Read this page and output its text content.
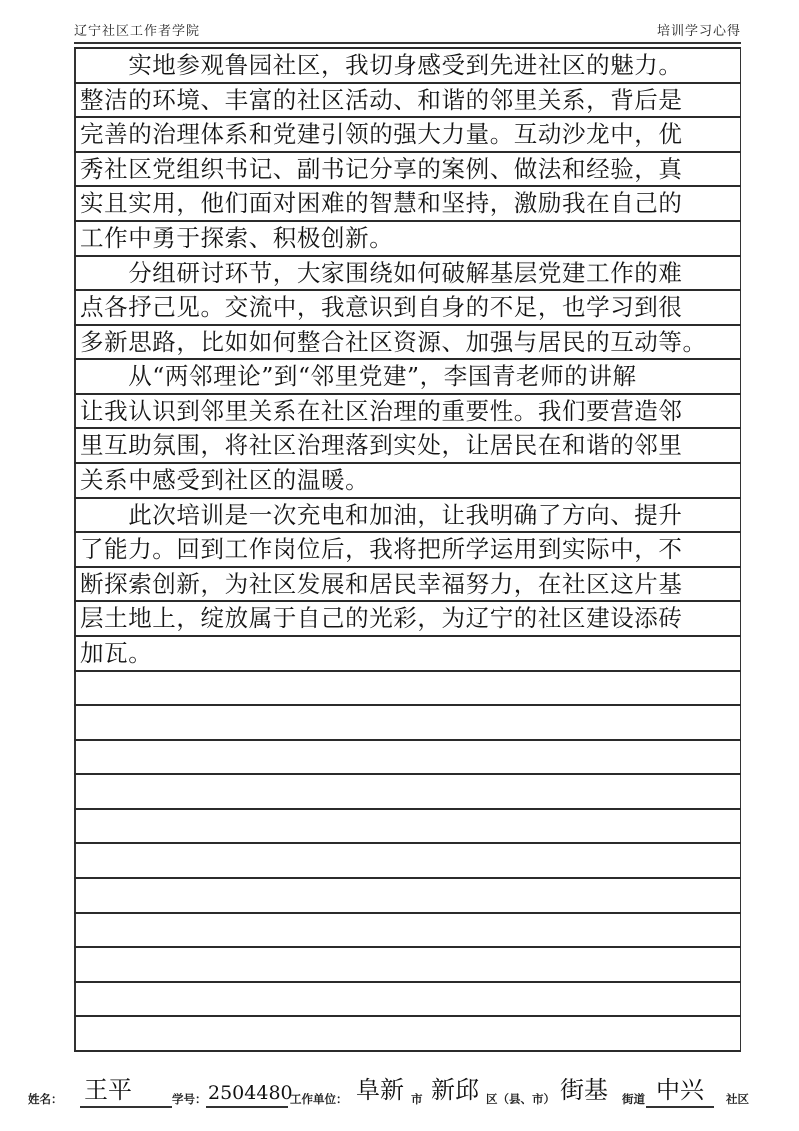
辽宁社区工作者学院	培训学习心得
　　实地参观鲁园社区，我切身感受到先进社区的魅力。
整洁的环境、丰富的社区活动、和谐的邻里关系，背后是
完善的治理体系和党建引领的强大力量。互动沙龙中，优
秀社区党组织书记、副书记分享的案例、做法和经验，真
实且实用，他们面对困难的智慧和坚持，激励我在自己的
工作中勇于探索、积极创新。
　　分组研讨环节，大家围绕如何破解基层党建工作的难
点各抒己见。交流中，我意识到自身的不足，也学习到很
多新思路，比如如何整合社区资源、加强与居民的互动等。
　　从“两邻理论”到“邻里党建”，李国青老师的讲解
让我认识到邻里关系在社区治理的重要性。我们要营造邻
里互助氛围，将社区治理落到实处，让居民在和谐的邻里
关系中感受到社区的温暖。
　　此次培训是一次充电和加油，让我明确了方向、提升
了能力。回到工作岗位后，我将把所学运用到实际中，不
断探索创新，为社区发展和居民幸福努力，在社区这片基
层土地上，绽放属于自己的光彩，为辽宁的社区建设添砖
加瓦。
姓名： 王平	学号： 2504480
工作单位： 阜新 市 新邱 区（县、市） 街基 街道 中兴 社区
